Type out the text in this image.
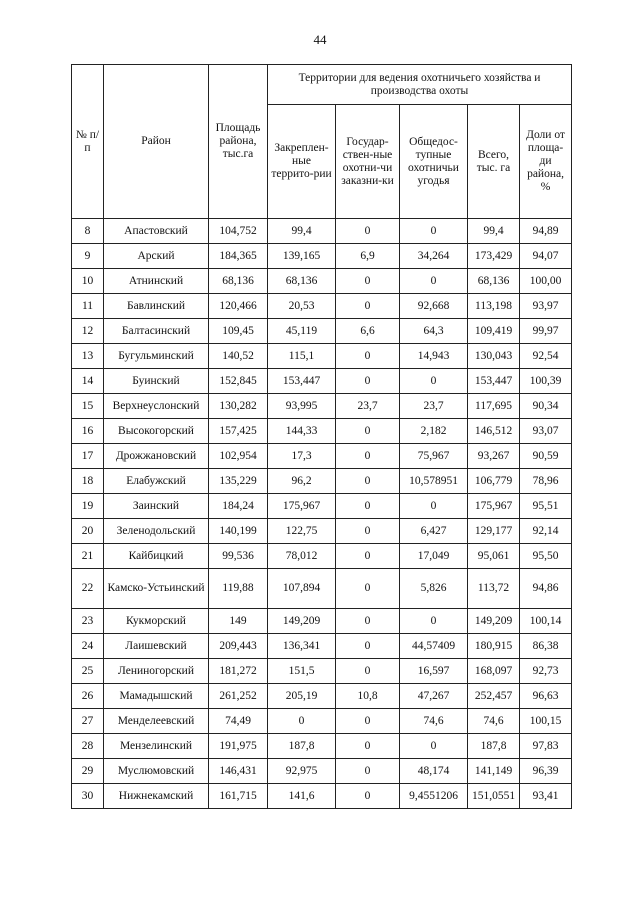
44
№ п/п	Район	Площадь района, тыс.га	Территории для ведения охотничьего хозяйства и производства охоты				
			Закреплен-ные террито-рии	Государ-ствен-ные охотни-чи заказни-ки	Общедос-тупные охотничьи угодья	Всего, тыс. га	Доли от площа-ди района, %
8	Апастовский	104,752	99,4	0	0	99,4	94,89
9	Арский	184,365	139,165	6,9	34,264	173,429	94,07
10	Атнинский	68,136	68,136	0	0	68,136	100,00
11	Бавлинский	120,466	20,53	0	92,668	113,198	93,97
12	Балтасинский	109,45	45,119	6,6	64,3	109,419	99,97
13	Бугульминский	140,52	115,1	0	14,943	130,043	92,54
14	Буинский	152,845	153,447	0	0	153,447	100,39
15	Верхнеуслонский	130,282	93,995	23,7	23,7	117,695	90,34
16	Высокогорский	157,425	144,33	0	2,182	146,512	93,07
17	Дрожжановский	102,954	17,3	0	75,967	93,267	90,59
18	Елабужский	135,229	96,2	0	10,578951	106,779	78,96
19	Заинский	184,24	175,967	0	0	175,967	95,51
20	Зеленодольский	140,199	122,75	0	6,427	129,177	92,14
21	Кайбицкий	99,536	78,012	0	17,049	95,061	95,50
22	Камско-Устьинский	119,88	107,894	0	5,826	113,72	94,86
23	Кукморский	149	149,209	0	0	149,209	100,14
24	Лаишевский	209,443	136,341	0	44,57409	180,915	86,38
25	Лениногорский	181,272	151,5	0	16,597	168,097	92,73
26	Мамадышский	261,252	205,19	10,8	47,267	252,457	96,63
27	Менделеевский	74,49	0	0	74,6	74,6	100,15
28	Мензелинский	191,975	187,8	0	0	187,8	97,83
29	Муслюмовский	146,431	92,975	0	48,174	141,149	96,39
30	Нижнекамский	161,715	141,6	0	9,4551206	151,0551	93,41
